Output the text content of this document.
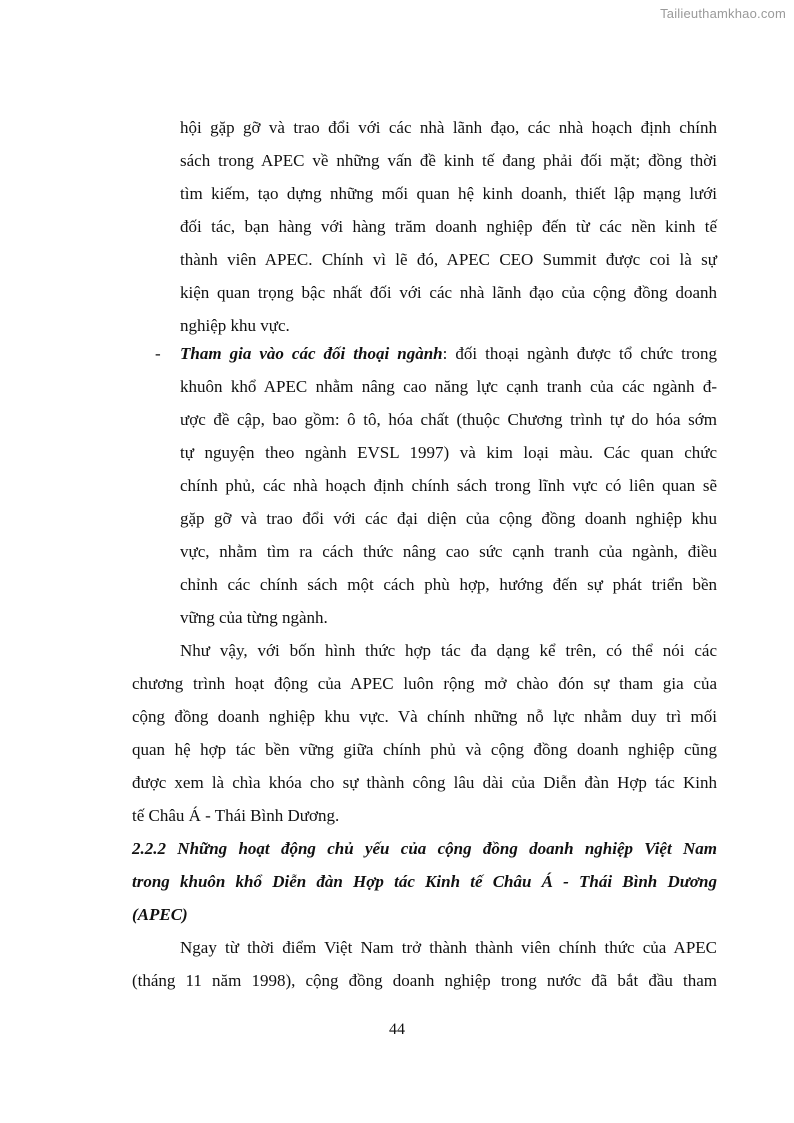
Tailieuthamkhao.com
hội gặp gỡ và trao đổi với các nhà lãnh đạo, các nhà hoạch định chính
sách trong APEC về những vấn đề kinh tế đang phải đối mặt; đồng thời
tìm kiếm, tạo dựng những mối quan hệ kinh doanh, thiết lập mạng lưới
đối tác, bạn hàng với hàng trăm doanh nghiệp đến từ các nền kinh tế
thành viên APEC. Chính vì lẽ đó, APEC CEO Summit được coi là sự
kiện quan trọng bậc nhất đối với các nhà lãnh đạo của cộng đồng doanh
nghiệp khu vực.
- Tham gia vào các đối thoại ngành: đối thoại ngành được tổ chức trong
khuôn khổ APEC nhằm nâng cao năng lực cạnh tranh của các ngành đ-
ược đề cập, bao gồm: ô tô, hóa chất (thuộc Chương trình tự do hóa sớm
tự nguyện theo ngành EVSL 1997) và kim loại màu. Các quan chức
chính phủ, các nhà hoạch định chính sách trong lĩnh vực có liên quan sẽ
gặp gỡ và trao đổi với các đại diện của cộng đồng doanh nghiệp khu
vực, nhằm tìm ra cách thức nâng cao sức cạnh tranh của ngành, điều
chỉnh các chính sách một cách phù hợp, hướng đến sự phát triển bền
vững của từng ngành.
Như vậy, với bốn hình thức hợp tác đa dạng kể trên, có thể nói các
chương trình hoạt động của APEC luôn rộng mở chào đón sự tham gia của
cộng đồng doanh nghiệp khu vực. Và chính những nỗ lực nhằm duy trì mối
quan hệ hợp tác bền vững giữa chính phủ và cộng đồng doanh nghiệp cũng
được xem là chìa khóa cho sự thành công lâu dài của Diễn đàn Hợp tác Kinh
tế Châu Á - Thái Bình Dương.
2.2.2 Những hoạt động chủ yếu của cộng đồng doanh nghiệp Việt Nam
trong khuôn khổ Diễn đàn Hợp tác Kinh tế Châu Á - Thái Bình Dương
(APEC)
Ngay từ thời điểm Việt Nam trở thành thành viên chính thức của APEC
(tháng 11 năm 1998), cộng đồng doanh nghiệp trong nước đã bắt đầu tham
44
